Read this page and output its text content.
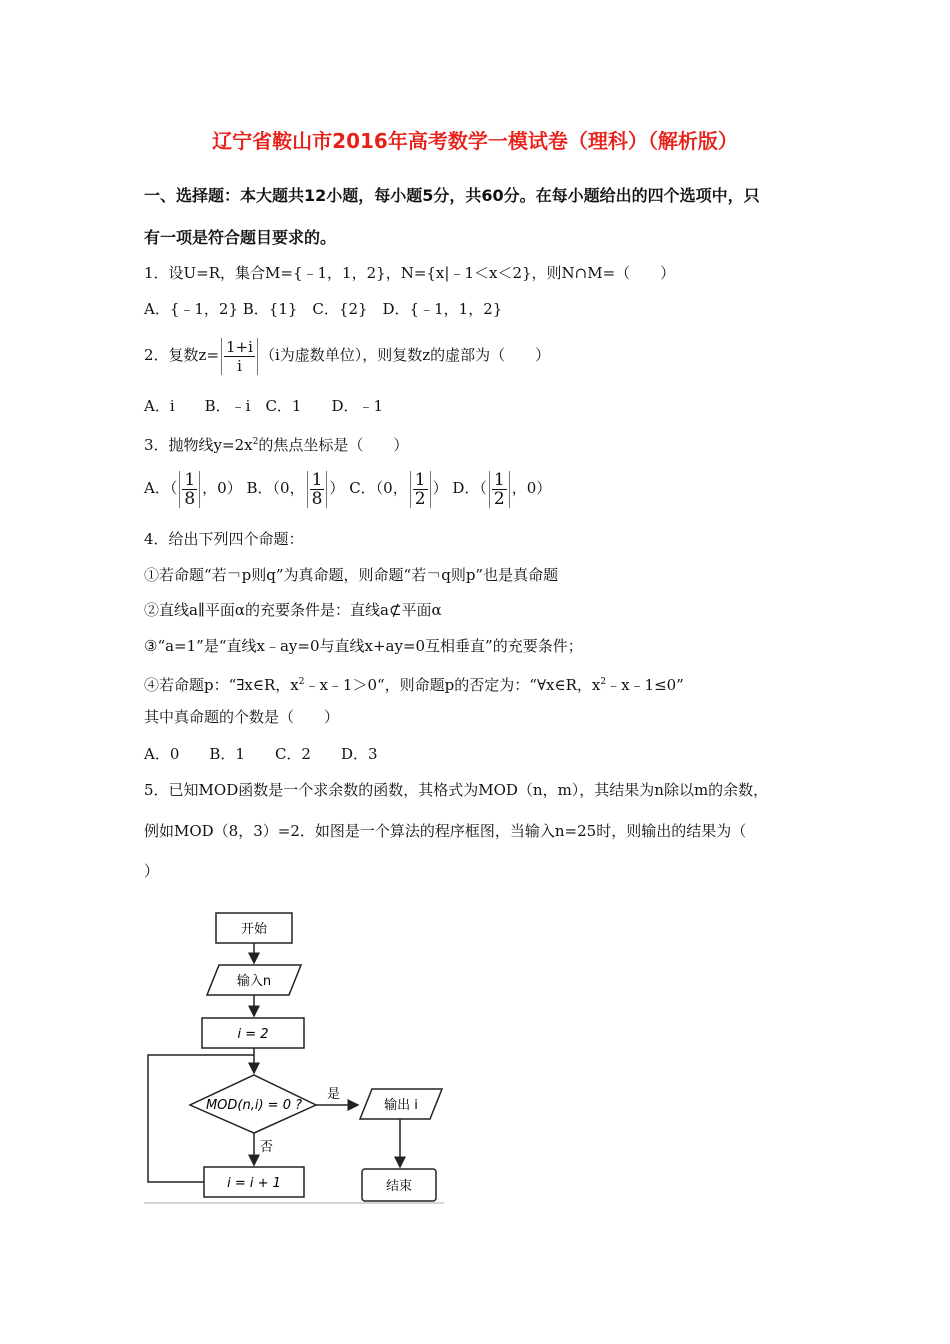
辽宁省鞍山市2016年高考数学一模试卷（理科）（解析版）
一、选择题：本大题共12小题，每小题5分，共60分。在每小题给出的四个选项中，只
有一项是符合题目要求的。
1．设U=R，集合M={﹣1，1，2}，N={x|﹣1＜x＜2}，则N∩M=（　　）
A．{﹣1，2} B．{1}　C．{2}　D．{﹣1，1，2}
2．复数$z= \frac{1+i}{i} (i$为虚数单位），则复数z的虚部为（　　）
A．i　　B．﹣i　C．1　　D．﹣1
3．抛物线$y=2x^2$的焦点坐标是（　　）
A．（ $\frac{1}{8}$ ，0） B．（0， $\frac{1}{8}$ ） C．（0， $\frac{1}{2}$ ） D．（ $\frac{1}{2}$ ，0）
4．给出下列四个命题：
①若命题“若￢p则q”为真命题，则命题“若￢q则p”也是真命题
②直线a∥平面α的充要条件是：直线a⊄平面α
③“a=1”是“直线x﹣ay=0与直线x+ay=0互相垂直”的充要条件；
④若命题p：“∃x∈R，$x^2﹣x﹣1>0“$，则命题p的否定为：“∀x∈R，$x^2﹣x﹣1\le 0$”
其中真命题的个数是（　　）
A．0　　B．1　　C．2　　D．3
5．已知MOD函数是一个求余数的函数，其格式为MOD（n，m），其结果为n除以m的余数，
例如MOD（8，3）=2．如图是一个算法的程序框图，当输入n=25时，则输出的结果为（
）
开始
输入n
i = 2
MOD(n,i) = 0 ?
是
输出 i
结束
否
i = i + 1
